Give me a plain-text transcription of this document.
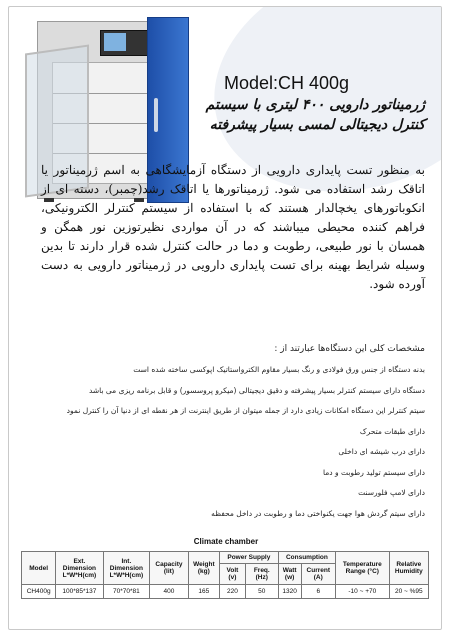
Model:CH 400g
ژرمیناتور دارویی ۴۰۰ لیتری با سیستم
کنترل دیجیتالی لمسی بسیار پیشرفته
به منظور تست پایداری دارویی از دستگاه آزمایشگاهی به اسم ژرمیناتور یا اتاقک رشد استفاده می شود. ژرمیناتورها یا اتاقک رشد(چمبر)، دسته ای از انکوباتورهای یخچالدار هستند که با استفاده از سیستم کنترلر الکترونیکی، فراهم کننده محیطی میباشند که در آن مواردی نظیرتوزین نور همگن و همسان با نور طبیعی، رطوبت و دما در حالت کنترل شده قرار دارند تا بدین وسیله شرایط بهینه برای تست پایداری دارویی در ژرمیناتور دارویی به دست آورده شود.
مشخصات کلی این دستگاه‌ها عبارتند از :
بدنه دستگاه از جنس ورق فولادی و رنگ بسیار مقاوم الکترواستاتیک اپوکسی ساخته شده است
دستگاه دارای سیستم کنترلر بسیار پیشرفته و دقیق دیجیتالی (میکرو پروسسور) و قابل برنامه ریزی می باشد
سیتم کنترلر این دستگاه امکانات زیادی دارد از جمله میتوان از طریق اینترنت از هر نقطه ای از دنیا آن را کنترل نمود
دارای طبقات متحرک
دارای درب شیشه ای داخلی
دارای سیستم تولید رطوبت و دما
دارای لامپ فلورسنت
دارای سیتم گردش هوا جهت یکنواختی دما و رطوبت در داخل محفظه
Climate chamber
Model	Ext.
Dimension
L*W*H(cm)	Int.
Dimension
L*W*H(cm)	Capacity
(lit)	Weight
(kg)	Power Supply		Consumption		Temperature
Range (°C)	Relative
Humidity
					Volt
(v)	Freq.
(Hz)	Watt
(w)	Current
(A)		
CH400g	100*85*137	70*70*81	400	165	220	50	1320	6	-10 ~ +70	20 ~ %95
